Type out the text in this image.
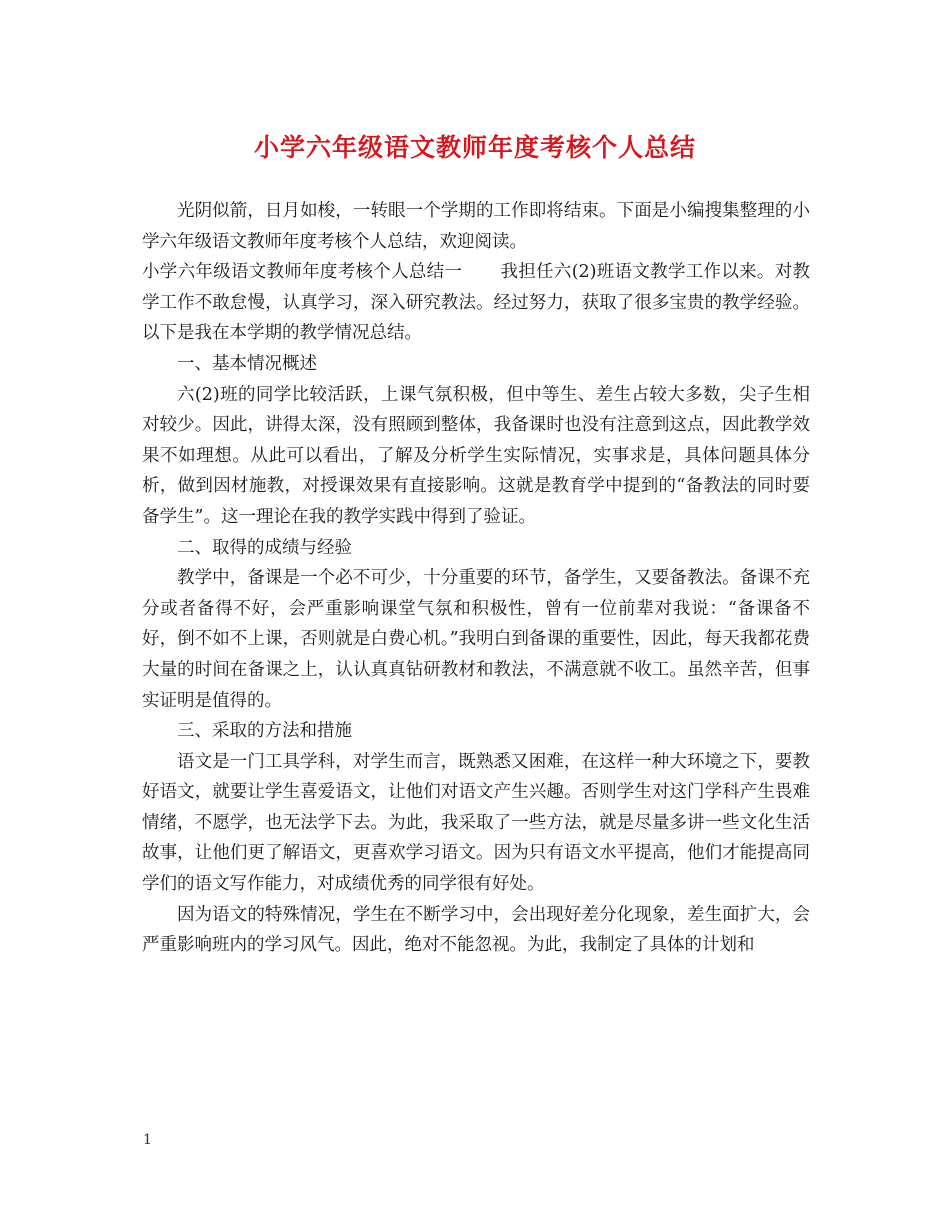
小学六年级语文教师年度考核个人总结

光阴似箭，日月如梭，一转眼一个学期的工作即将结束。下面是小编搜集整理的小学六年级语文教师年度考核个人总结，欢迎阅读。

小学六年级语文教师年度考核个人总结一 我担任六(2)班语文教学工作以来。对教学工作不敢怠慢，认真学习，深入研究教法。经过努力，获取了很多宝贵的教学经验。以下是我在本学期的教学情况总结。

一、基本情况概述

六(2)班的同学比较活跃，上课气氛积极，但中等生、差生占较大多数，尖子生相对较少。因此，讲得太深，没有照顾到整体，我备课时也没有注意到这点，因此教学效果不如理想。从此可以看出，了解及分析学生实际情况，实事求是，具体问题具体分析，做到因材施教，对授课效果有直接影响。这就是教育学中提到的“备教法的同时要备学生”。这一理论在我的教学实践中得到了验证。

二、取得的成绩与经验

教学中，备课是一个必不可少，十分重要的环节，备学生，又要备教法。备课不充分或者备得不好，会严重影响课堂气氛和积极性，曾有一位前辈对我说：“备课备不好，倒不如不上课，否则就是白费心机。”我明白到备课的重要性，因此，每天我都花费大量的时间在备课之上，认认真真钻研教材和教法，不满意就不收工。虽然辛苦，但事实证明是值得的。

三、采取的方法和措施

语文是一门工具学科，对学生而言，既熟悉又困难，在这样一种大环境之下，要教好语文，就要让学生喜爱语文，让他们对语文产生兴趣。否则学生对这门学科产生畏难情绪，不愿学，也无法学下去。为此，我采取了一些方法，就是尽量多讲一些文化生活故事，让他们更了解语文，更喜欢学习语文。因为只有语文水平提高，他们才能提高同学们的语文写作能力，对成绩优秀的同学很有好处。

因为语文的特殊情况，学生在不断学习中，会出现好差分化现象，差生面扩大，会严重影响班内的学习风气。因此，绝对不能忽视。为此，我制定了具体的计划和

1
